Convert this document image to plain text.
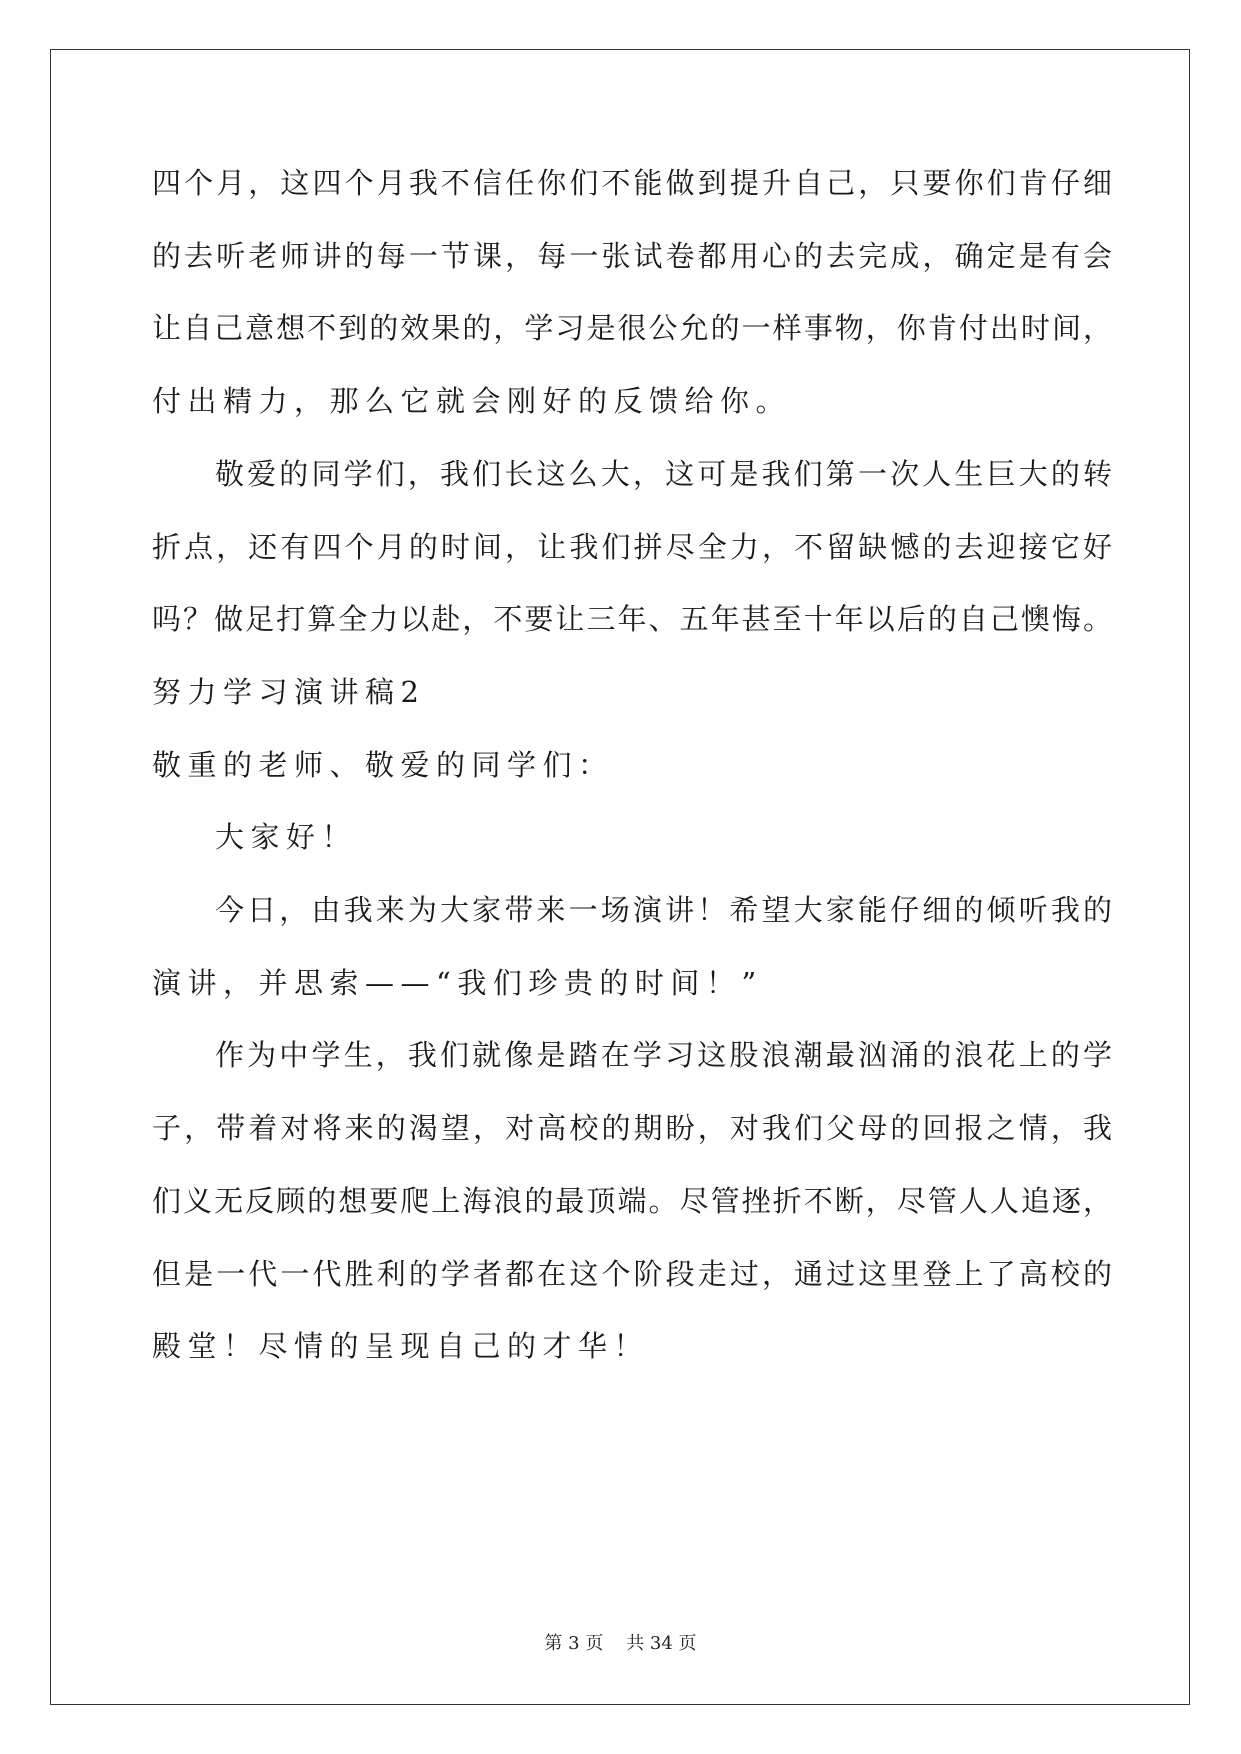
四个月，这四个月我不信任你们不能做到提升自己，只要你们肯仔细
的去听老师讲的每一节课，每一张试卷都用心的去完成，确定是有会
让自己意想不到的效果的，学习是很公允的一样事物，你肯付出时间，
付出精力，那么它就会刚好的反馈给你。
敬爱的同学们，我们长这么大，这可是我们第一次人生巨大的转
折点，还有四个月的时间，让我们拼尽全力，不留缺憾的去迎接它好
吗？做足打算全力以赴，不要让三年、五年甚至十年以后的自己懊悔。
努力学习演讲稿2
敬重的老师、敬爱的同学们：
大家好！
今日，由我来为大家带来一场演讲！希望大家能仔细的倾听我的
演讲，并思索——“我们珍贵的时间！”
作为中学生，我们就像是踏在学习这股浪潮最汹涌的浪花上的学
子，带着对将来的渴望，对高校的期盼，对我们父母的回报之情，我
们义无反顾的想要爬上海浪的最顶端。尽管挫折不断，尽管人人追逐，
但是一代一代胜利的学者都在这个阶段走过，通过这里登上了高校的
殿堂！尽情的呈现自己的才华！
第 3 页    共 34 页
